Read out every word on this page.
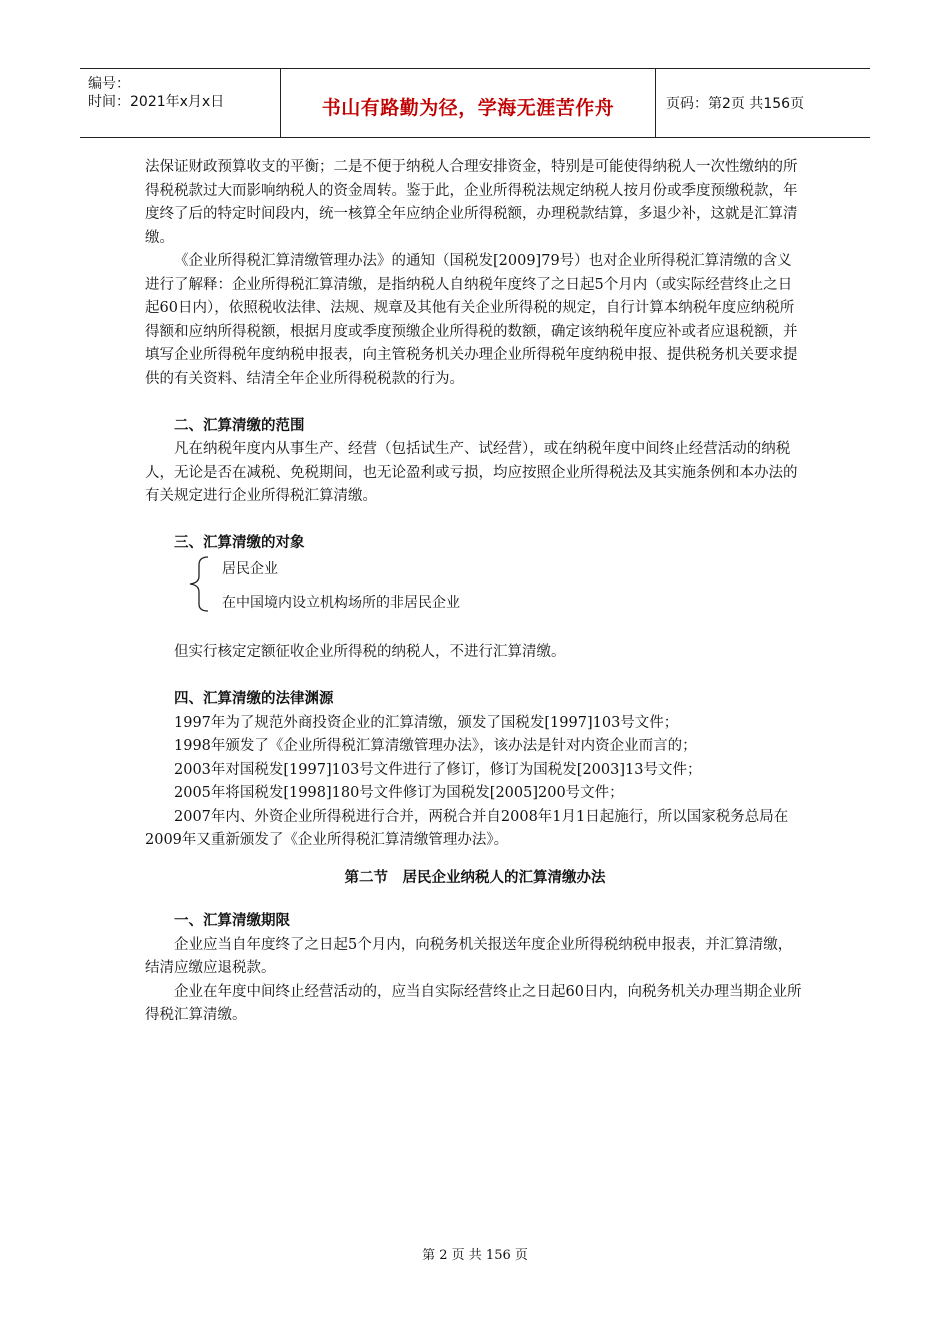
编号：
时间：2021年x月x日	书山有路勤为径，学海无涯苦作舟	页码：第2页 共156页

法保证财政预算收支的平衡；二是不便于纳税人合理安排资金，特别是可能使得纳税人一次性缴纳的所得税税款过大而影响纳税人的资金周转。鉴于此，企业所得税法规定纳税人按月份或季度预缴税款，年度终了后的特定时间段内，统一核算全年应纳企业所得税额，办理税款结算，多退少补，这就是汇算清缴。

《企业所得税汇算清缴管理办法》的通知（国税发[2009]79号）也对企业所得税汇算清缴的含义进行了解释：企业所得税汇算清缴，是指纳税人自纳税年度终了之日起5个月内（或实际经营终止之日起60日内），依照税收法律、法规、规章及其他有关企业所得税的规定，自行计算本纳税年度应纳税所得额和应纳所得税额，根据月度或季度预缴企业所得税的数额，确定该纳税年度应补或者应退税额，并填写企业所得税年度纳税申报表，向主管税务机关办理企业所得税年度纳税申报、提供税务机关要求提供的有关资料、结清全年企业所得税税款的行为。

二、汇算清缴的范围

凡在纳税年度内从事生产、经营（包括试生产、试经营），或在纳税年度中间终止经营活动的纳税人，无论是否在减税、免税期间，也无论盈利或亏损，均应按照企业所得税法及其实施条例和本办法的有关规定进行企业所得税汇算清缴。

三、汇算清缴的对象

居民企业
在中国境内设立机构场所的非居民企业

但实行核定定额征收企业所得税的纳税人，不进行汇算清缴。

四、汇算清缴的法律渊源

1997年为了规范外商投资企业的汇算清缴，颁发了国税发[1997]103号文件；

1998年颁发了《企业所得税汇算清缴管理办法》，该办法是针对内资企业而言的；

2003年对国税发[1997]103号文件进行了修订，修订为国税发[2003]13号文件；

2005年将国税发[1998]180号文件修订为国税发[2005]200号文件；

2007年内、外资企业所得税进行合并，两税合并自2008年1月1日起施行，所以国家税务总局在2009年又重新颁发了《企业所得税汇算清缴管理办法》。

第二节　居民企业纳税人的汇算清缴办法

一、汇算清缴期限

企业应当自年度终了之日起5个月内，向税务机关报送年度企业所得税纳税申报表，并汇算清缴，结清应缴应退税款。

企业在年度中间终止经营活动的，应当自实际经营终止之日起60日内，向税务机关办理当期企业所得税汇算清缴。

第 2 页 共 156 页
